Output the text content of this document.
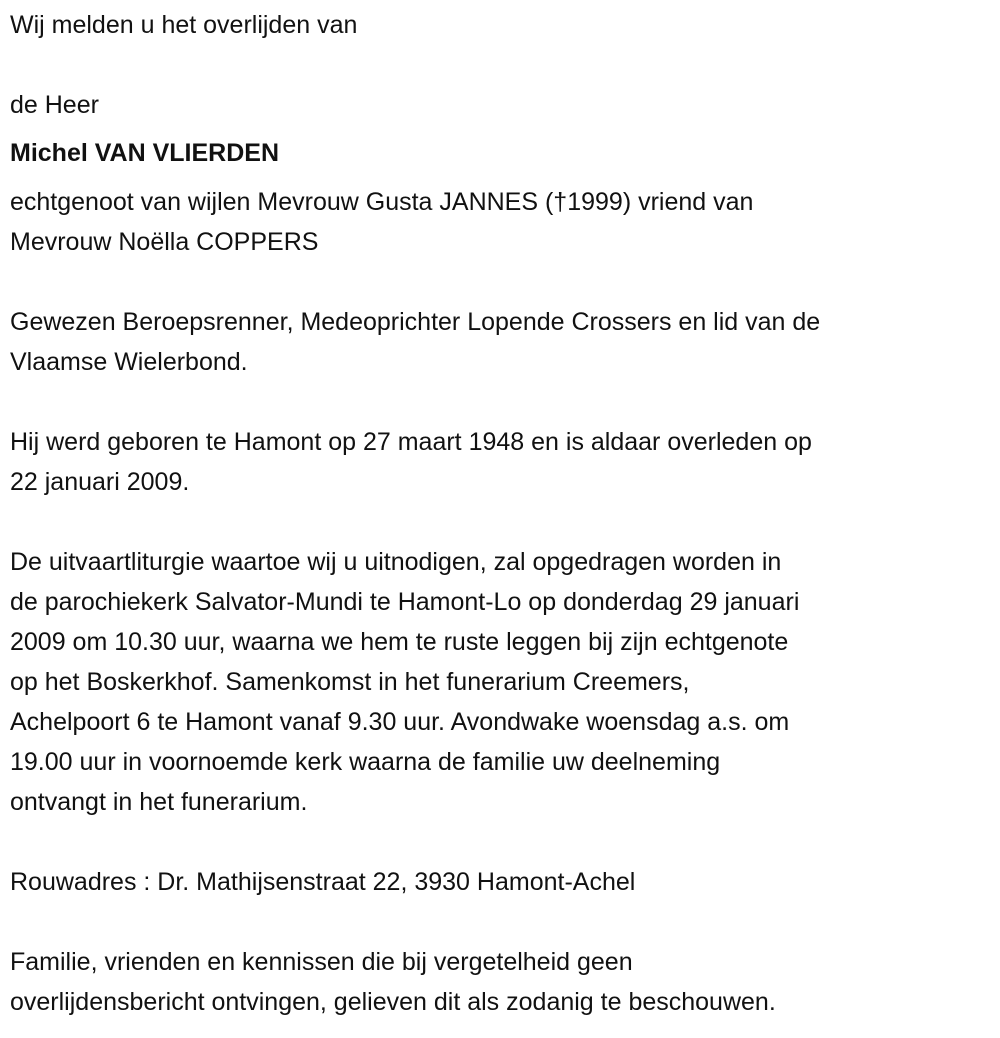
Wij melden u het overlijden van
de Heer
Michel VAN VLIERDEN
echtgenoot van wijlen Mevrouw Gusta JANNES (†1999) vriend van
Mevrouw Noëlla COPPERS
Gewezen Beroepsrenner, Medeoprichter Lopende Crossers en lid van de
Vlaamse Wielerbond.
Hij werd geboren te Hamont op 27 maart 1948 en is aldaar overleden op
22 januari 2009.
De uitvaartliturgie waartoe wij u uitnodigen, zal opgedragen worden in
de parochiekerk Salvator-Mundi te Hamont-Lo op donderdag 29 januari
2009 om 10.30 uur, waarna we hem te ruste leggen bij zijn echtgenote
op het Boskerkhof. Samenkomst in het funerarium Creemers,
Achelpoort 6 te Hamont vanaf 9.30 uur. Avondwake woensdag a.s. om
19.00 uur in voornoemde kerk waarna de familie uw deelneming
ontvangt in het funerarium.
Rouwadres : Dr. Mathijsenstraat 22, 3930 Hamont-Achel
Familie, vrienden en kennissen die bij vergetelheid geen
overlijdensbericht ontvingen, gelieven dit als zodanig te beschouwen.
